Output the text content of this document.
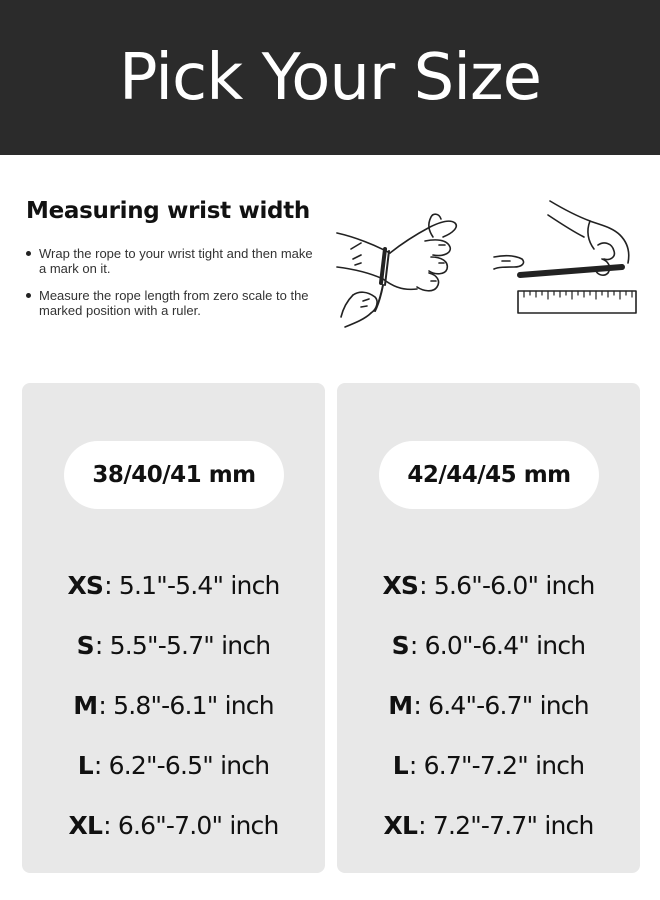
Pick Your Size
Measuring wrist width
Wrap the rope to your wrist tight and then make a mark on it.
Measure the rope length from zero scale to the marked position with a ruler.
38/40/41 mm
XS : 5.1"-5.4" inch
S : 5.5"-5.7" inch
M : 5.8"-6.1" inch
L : 6.2"-6.5" inch
XL : 6.6"-7.0" inch
42/44/45 mm
XS : 5.6"-6.0" inch
S : 6.0"-6.4" inch
M : 6.4"-6.7" inch
L : 6.7"-7.2" inch
XL : 7.2"-7.7" inch
